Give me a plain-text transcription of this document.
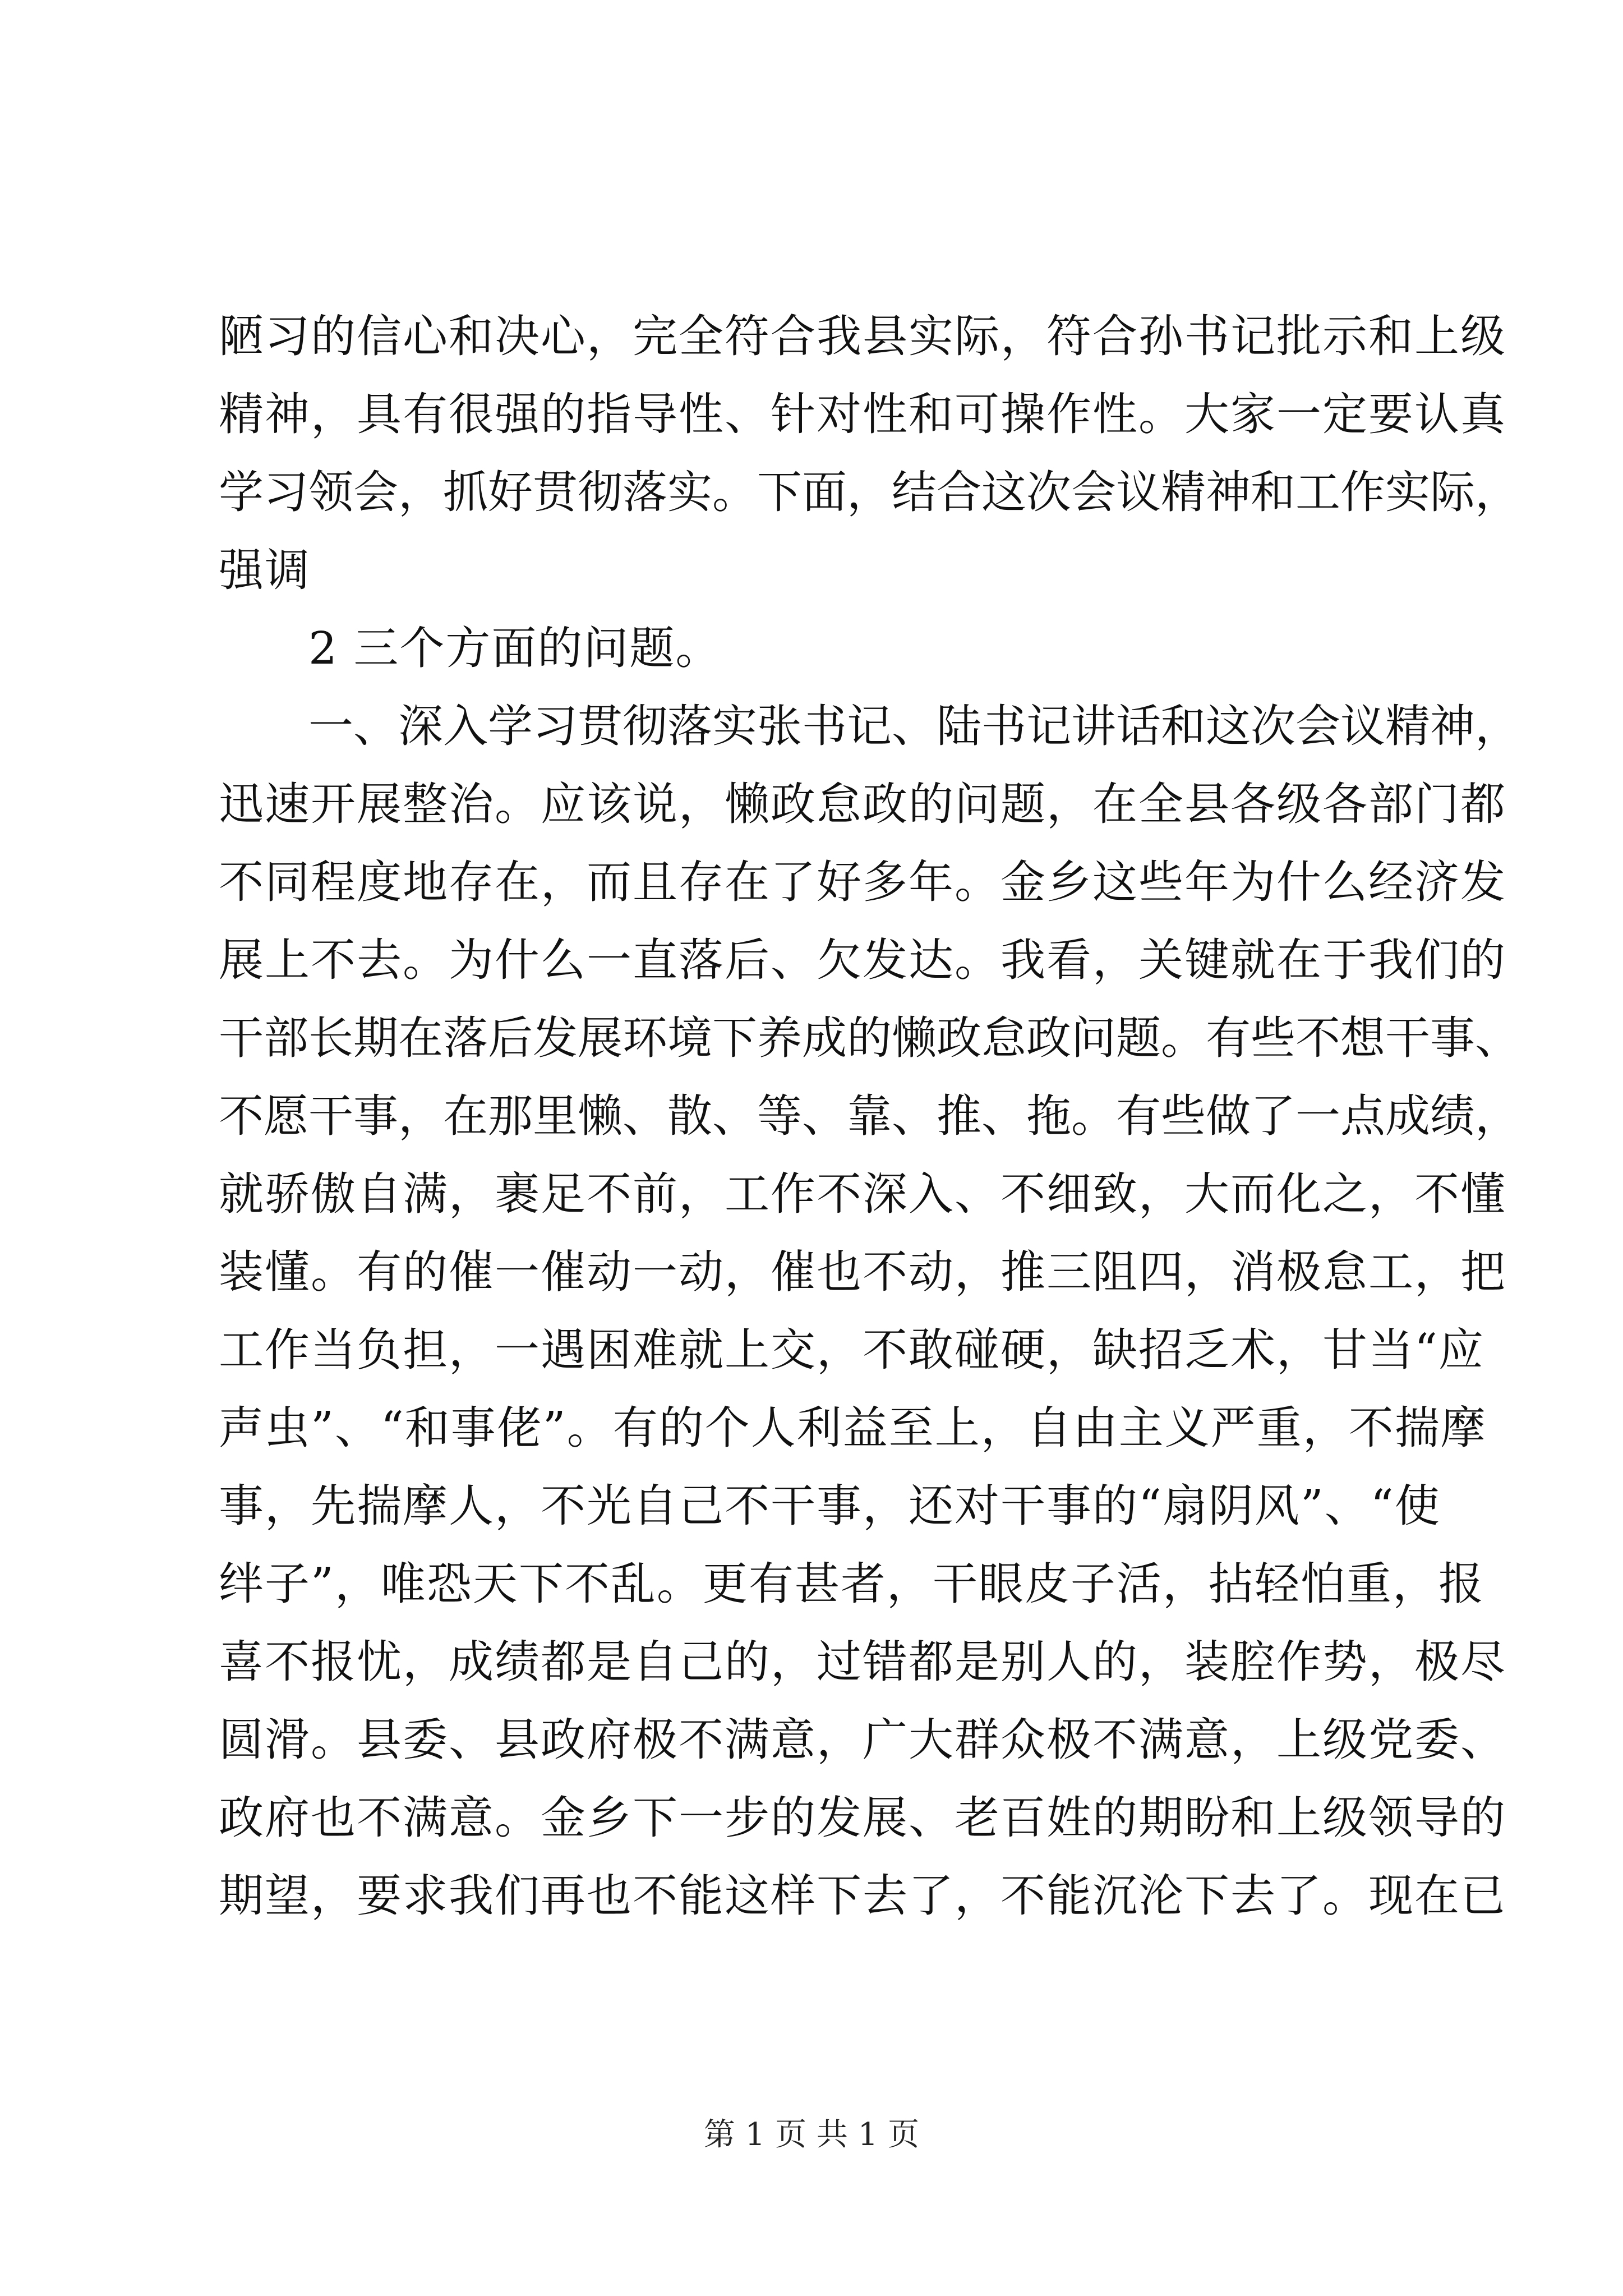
陋习的信心和决心，完全符合我县实际，符合孙书记批示和上级
精神，具有很强的指导性、针对性和可操作性。大家一定要认真
学习领会，抓好贯彻落实。下面，结合这次会议精神和工作实际，
强调
2 三个方面的问题。
一、深入学习贯彻落实张书记、陆书记讲话和这次会议精神，
迅速开展整治。应该说，懒政怠政的问题，在全县各级各部门都
不同程度地存在，而且存在了好多年。金乡这些年为什么经济发
展上不去。为什么一直落后、欠发达。我看，关键就在于我们的
干部长期在落后发展环境下养成的懒政怠政问题。有些不想干事、
不愿干事，在那里懒、散、等、靠、推、拖。有些做了一点成绩，
就骄傲自满，裹足不前，工作不深入、不细致，大而化之，不懂
装懂。有的催一催动一动，催也不动，推三阻四，消极怠工，把
工作当负担，一遇困难就上交，不敢碰硬，缺招乏术，甘当“应
声虫”、“和事佬”。有的个人利益至上，自由主义严重，不揣摩
事，先揣摩人，不光自己不干事，还对干事的“扇阴风”、“使
绊子”，唯恐天下不乱。更有甚者，干眼皮子活，拈轻怕重，报
喜不报忧，成绩都是自己的，过错都是别人的，装腔作势，极尽
圆滑。县委、县政府极不满意，广大群众极不满意，上级党委、
政府也不满意。金乡下一步的发展、老百姓的期盼和上级领导的
期望，要求我们再也不能这样下去了，不能沉沦下去了。现在已
第 1 页 共 1 页
